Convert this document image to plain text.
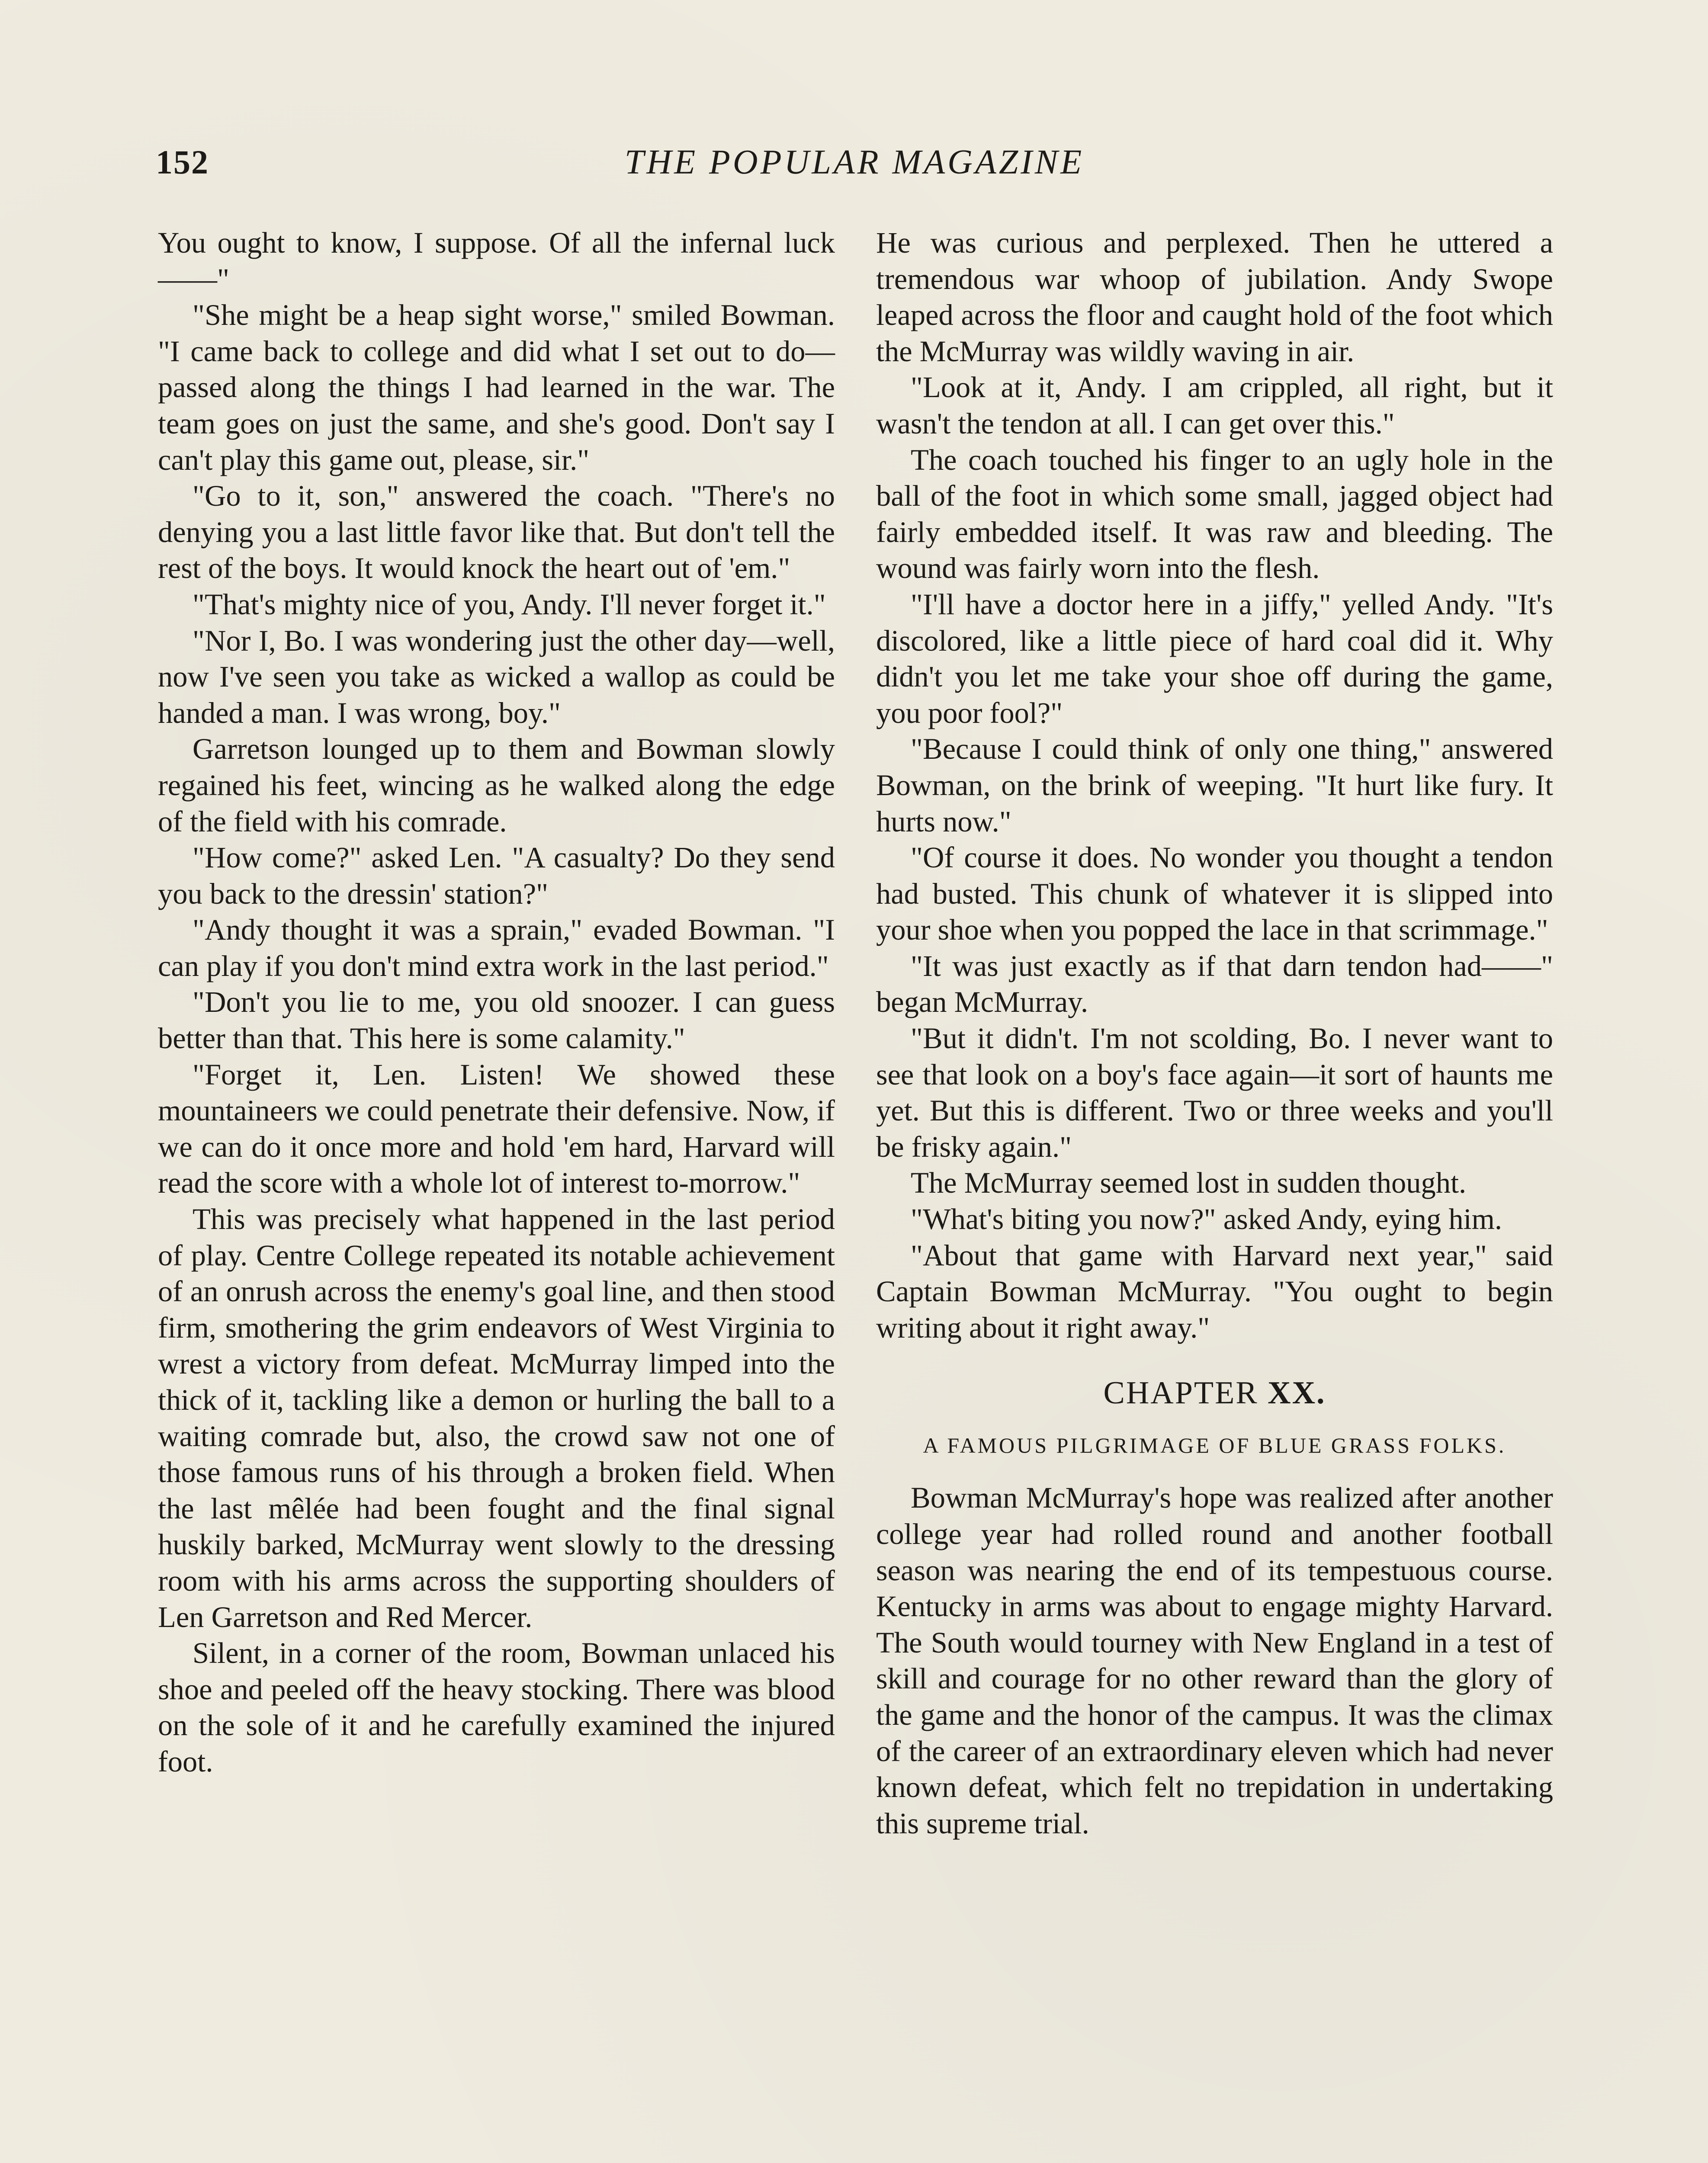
152	THE POPULAR MAGAZINE

You ought to know, I suppose. Of all the infernal luck——"

"She might be a heap sight worse," smiled Bowman. "I came back to college and did what I set out to do—passed along the things I had learned in the war. The team goes on just the same, and she's good. Don't say I can't play this game out, please, sir."

"Go to it, son," answered the coach. "There's no denying you a last little favor like that. But don't tell the rest of the boys. It would knock the heart out of 'em."

"That's mighty nice of you, Andy. I'll never forget it."

"Nor I, Bo. I was wondering just the other day—well, now I've seen you take as wicked a wallop as could be handed a man. I was wrong, boy."

Garretson lounged up to them and Bowman slowly regained his feet, wincing as he walked along the edge of the field with his comrade.

"How come?" asked Len. "A casualty? Do they send you back to the dressin' station?"

"Andy thought it was a sprain," evaded Bowman. "I can play if you don't mind extra work in the last period."

"Don't you lie to me, you old snoozer. I can guess better than that. This here is some calamity."

"Forget it, Len. Listen! We showed these mountaineers we could penetrate their defensive. Now, if we can do it once more and hold 'em hard, Harvard will read the score with a whole lot of interest to-morrow."

This was precisely what happened in the last period of play. Centre College repeated its notable achievement of an onrush across the enemy's goal line, and then stood firm, smothering the grim endeavors of West Virginia to wrest a victory from defeat. McMurray limped into the thick of it, tackling like a demon or hurling the ball to a waiting comrade but, also, the crowd saw not one of those famous runs of his through a broken field. When the last mêlée had been fought and the final signal huskily barked, McMurray went slowly to the dressing room with his arms across the supporting shoulders of Len Garretson and Red Mercer.

Silent, in a corner of the room, Bowman unlaced his shoe and peeled off the heavy stocking. There was blood on the sole of it and he carefully examined the injured foot.

He was curious and perplexed. Then he uttered a tremendous war whoop of jubilation. Andy Swope leaped across the floor and caught hold of the foot which the McMurray was wildly waving in air.

"Look at it, Andy. I am crippled, all right, but it wasn't the tendon at all. I can get over this."

The coach touched his finger to an ugly hole in the ball of the foot in which some small, jagged object had fairly embedded itself. It was raw and bleeding. The wound was fairly worn into the flesh.

"I'll have a doctor here in a jiffy," yelled Andy. "It's discolored, like a little piece of hard coal did it. Why didn't you let me take your shoe off during the game, you poor fool?"

"Because I could think of only one thing," answered Bowman, on the brink of weeping. "It hurt like fury. It hurts now."

"Of course it does. No wonder you thought a tendon had busted. This chunk of whatever it is slipped into your shoe when you popped the lace in that scrimmage."

"It was just exactly as if that darn tendon had——" began McMurray.

"But it didn't. I'm not scolding, Bo. I never want to see that look on a boy's face again—it sort of haunts me yet. But this is different. Two or three weeks and you'll be frisky again."

The McMurray seemed lost in sudden thought.

"What's biting you now?" asked Andy, eying him.

"About that game with Harvard next year," said Captain Bowman McMurray. "You ought to begin writing about it right away."

CHAPTER XX.
A FAMOUS PILGRIMAGE OF BLUE GRASS FOLKS.

Bowman McMurray's hope was realized after another college year had rolled round and another football season was nearing the end of its tempestuous course. Kentucky in arms was about to engage mighty Harvard. The South would tourney with New England in a test of skill and courage for no other reward than the glory of the game and the honor of the campus. It was the climax of the career of an extraordinary eleven which had never known defeat, which felt no trepidation in undertaking this supreme trial.
